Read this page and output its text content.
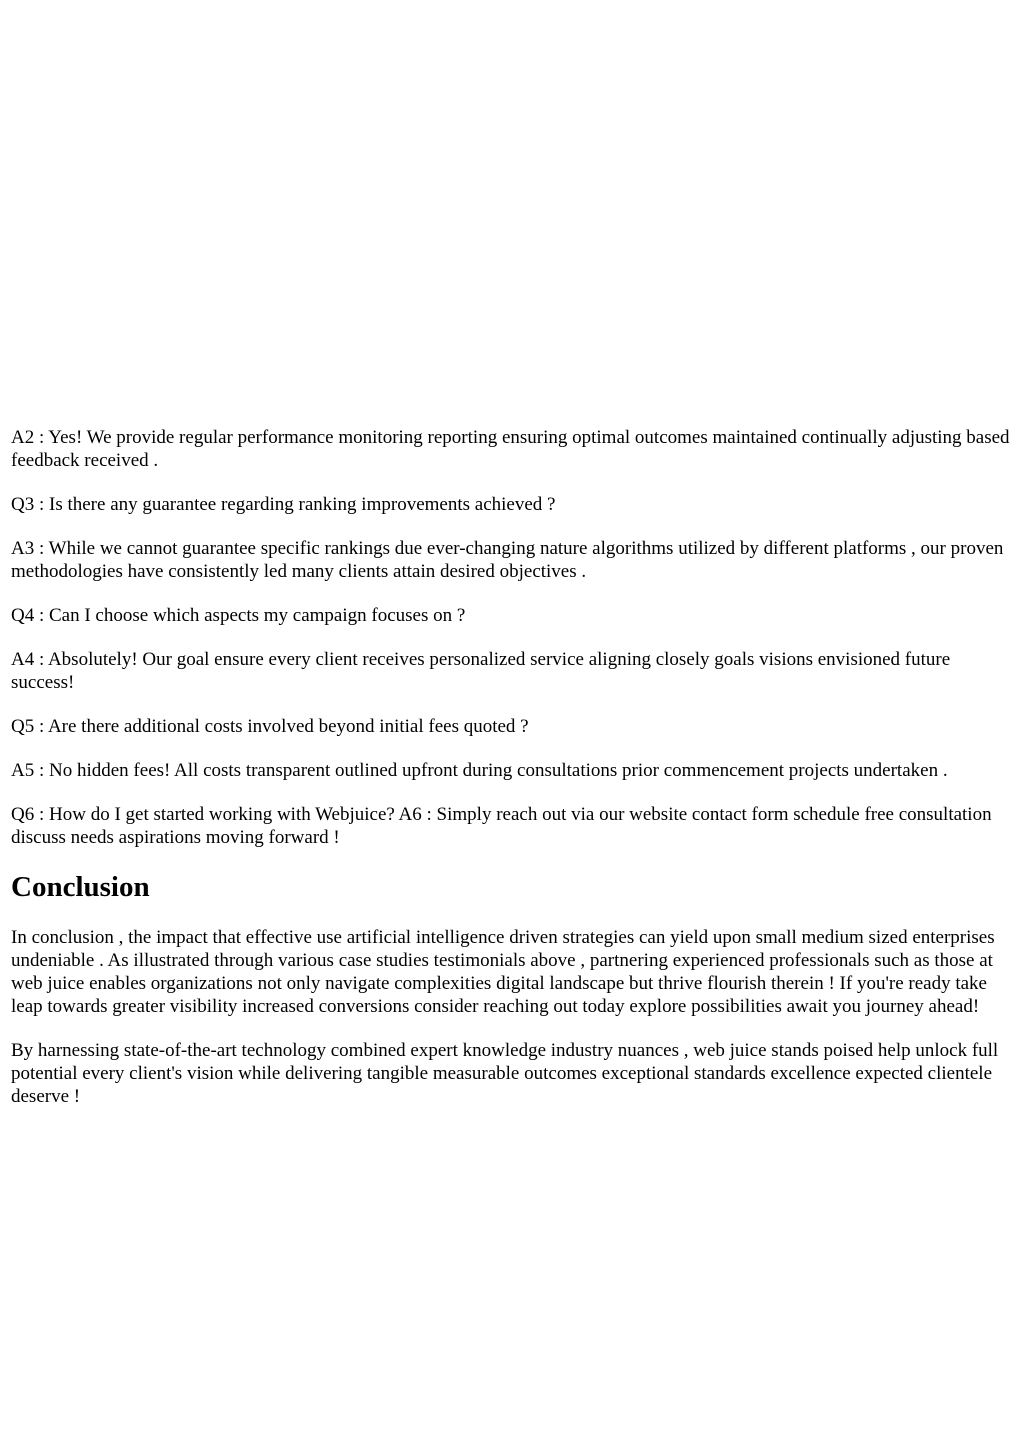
A2 : Yes! We provide regular performance monitoring reporting ensuring optimal outcomes maintained continually adjusting based feedback received .

Q3 : Is there any guarantee regarding ranking improvements achieved ?

A3 : While we cannot guarantee specific rankings due ever-changing nature algorithms utilized by different platforms , our proven methodologies have consistently led many clients attain desired objectives .

Q4 : Can I choose which aspects my campaign focuses on ?

A4 : Absolutely! Our goal ensure every client receives personalized service aligning closely goals visions envisioned future success!

Q5 : Are there additional costs involved beyond initial fees quoted ?

A5 : No hidden fees! All costs transparent outlined upfront during consultations prior commencement projects undertaken .

Q6 : How do I get started working with Webjuice? A6 : Simply reach out via our website contact form schedule free consultation discuss needs aspirations moving forward !

Conclusion

In conclusion , the impact that effective use artificial intelligence driven strategies can yield upon small medium sized enterprises undeniable . As illustrated through various case studies testimonials above , partnering experienced professionals such as those at web juice enables organizations not only navigate complexities digital landscape but thrive flourish therein ! If you're ready take leap towards greater visibility increased conversions consider reaching out today explore possibilities await you journey ahead!

By harnessing state-of-the-art technology combined expert knowledge industry nuances , web juice stands poised help unlock full potential every client's vision while delivering tangible measurable outcomes exceptional standards excellence expected clientele deserve !
